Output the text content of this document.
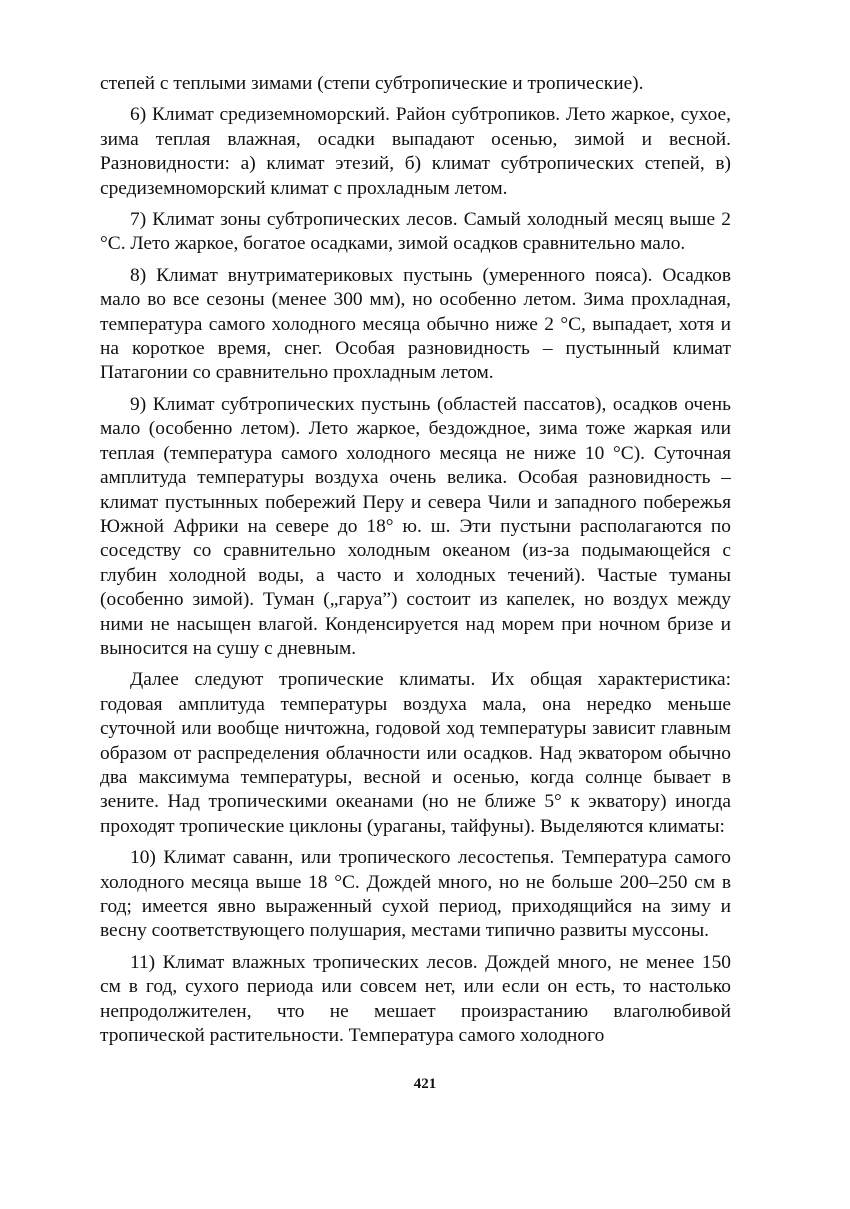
степей с теплыми зимами (степи субтропические и тропические).

6) Климат средиземноморский. Район субтропиков. Лето жаркое, сухое, зима теплая влажная, осадки выпадают осенью, зимой и весной. Разновидности: а) климат этезий, б) климат субтропических степей, в) средиземноморский климат с прохладным летом.

7) Климат зоны субтропических лесов. Самый холодный месяц выше 2 °С. Лето жаркое, богатое осадками, зимой осадков сравнительно мало.

8) Климат внутриматериковых пустынь (умеренного пояса). Осадков мало во все сезоны (менее 300 мм), но особенно летом. Зима прохладная, температура самого холодного месяца обычно ниже 2 °С, выпадает, хотя и на короткое время, снег. Особая разновидность – пустынный климат Патагонии со сравнительно прохладным летом.

9) Климат субтропических пустынь (областей пассатов), осадков очень мало (особенно летом). Лето жаркое, бездождное, зима тоже жаркая или теплая (температура самого холодного месяца не ниже 10 °С). Суточная амплитуда температуры воздуха очень велика. Особая разновидность – климат пустынных побережий Перу и севера Чили и западного побережья Южной Африки на севере до 18° ю. ш. Эти пустыни располагаются по соседству со сравнительно холодным океаном (из-за подымающейся с глубин холодной воды, а часто и холодных течений). Частые туманы (особенно зимой). Туман („гаруа”) состоит из капелек, но воздух между ними не насыщен влагой. Конденсируется над морем при ночном бризе и выносится на сушу с дневным.

Далее следуют тропические климаты. Их общая характеристика: годовая амплитуда температуры воздуха мала, она нередко меньше суточной или вообще ничтожна, годовой ход температуры зависит главным образом от распределения облачности или осадков. Над экватором обычно два максимума температуры, весной и осенью, когда солнце бывает в зените. Над тропическими океанами (но не ближе 5° к экватору) иногда проходят тропические циклоны (ураганы, тайфуны). Выделяются климаты:

10) Климат саванн, или тропического лесостепья. Температура самого холодного месяца выше 18 °С. Дождей много, но не больше 200–250 см в год; имеется явно выраженный сухой период, приходящийся на зиму и весну соответствующего полушария, местами типично развиты муссоны.

11) Климат влажных тропических лесов. Дождей много, не менее 150 см в год, сухого периода или совсем нет, или если он есть, то настолько непродолжителен, что не мешает произрастанию влаголюбивой тропической растительности. Температура самого холодного

421
